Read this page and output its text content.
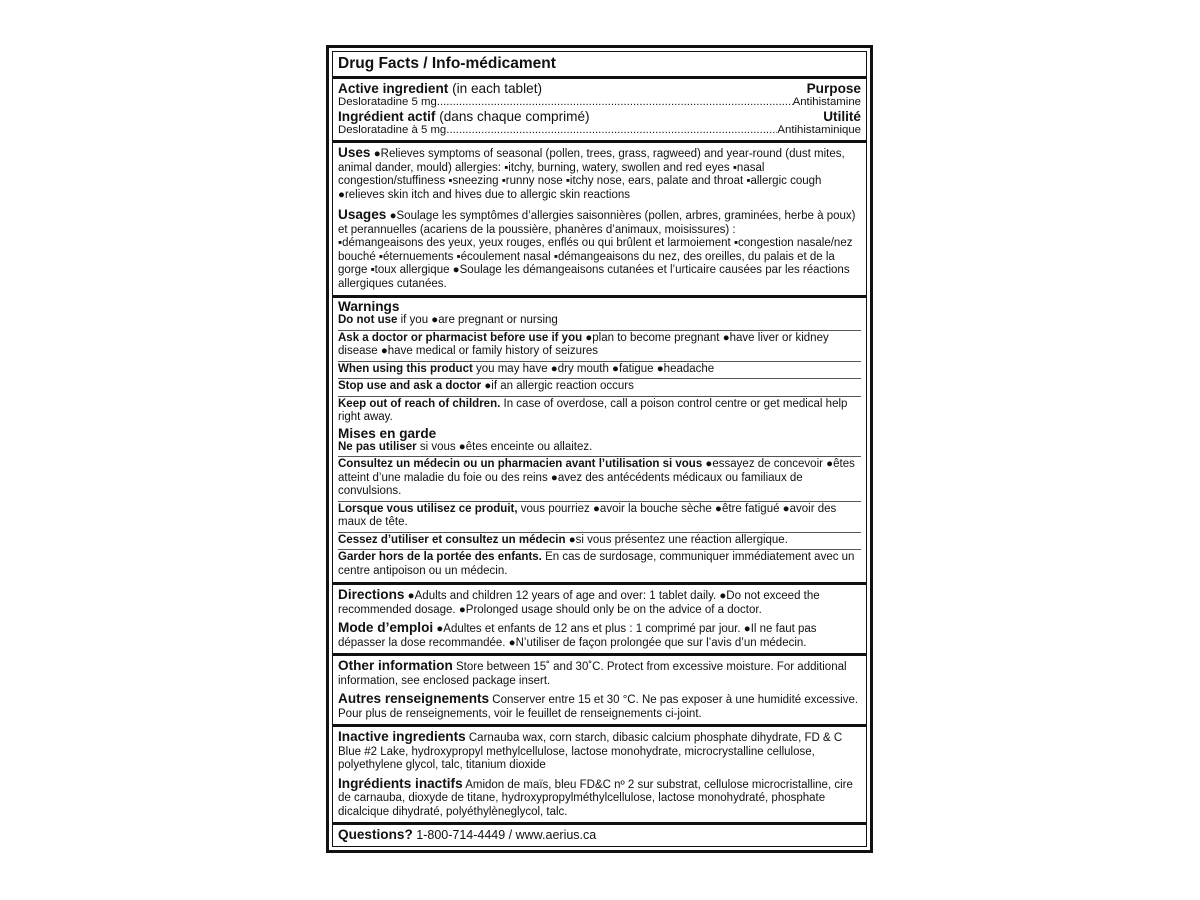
Drug Facts / Info-médicament
Active ingredient (in each tablet)	Purpose
Desloratadine 5 mg .....	Antihistamine
Ingrédient actif (dans chaque comprimé)	Utilité
Desloratadine à 5 mg .....	Antihistaminique

Uses ●Relieves symptoms of seasonal (pollen, trees, grass, ragweed) and year-round (dust mites, animal dander, mould) allergies: ▪itchy, burning, watery, swollen and red eyes ▪nasal congestion/stuffiness ▪sneezing ▪runny nose ▪itchy nose, ears, palate and throat ▪allergic cough ●relieves skin itch and hives due to allergic skin reactions

Usages ●Soulage les symptômes d’allergies saisonnières (pollen, arbres, graminées, herbe à poux) et perannuelles (acariens de la poussière, phanères d’animaux, moisissures) :

▪démangeaisons des yeux, yeux rouges, enflés ou qui brûlent et larmoiement ▪congestion nasale/nez bouché ▪éternuements ▪écoulement nasal ▪démangeaisons du nez, des oreilles, du palais et de la gorge ▪toux allergique ●Soulage les démangeaisons cutanées et l’urticaire causées par les réactions allergiques cutanées.

Warnings

Do not use if you ●are pregnant or nursing

Ask a doctor or pharmacist before use if you ●plan to become pregnant ●have liver or kidney disease ●have medical or family history of seizures

When using this product you may have ●dry mouth ●fatigue ●headache

Stop use and ask a doctor ●if an allergic reaction occurs

Keep out of reach of children. In case of overdose, call a poison control centre or get medical help right away.

Mises en garde

Ne pas utiliser si vous ●êtes enceinte ou allaitez.

Consultez un médecin ou un pharmacien avant l’utilisation si vous ●essayez de concevoir ●êtes atteint d’une maladie du foie ou des reins ●avez des antécédents médicaux ou familiaux de convulsions.

Lorsque vous utilisez ce produit, vous pourriez ●avoir la bouche sèche ●être fatigué ●avoir des maux de tête.

Cessez d’utiliser et consultez un médecin ●si vous présentez une réaction allergique.

Garder hors de la portée des enfants. En cas de surdosage, communiquer immédiatement avec un centre antipoison ou un médecin.

Directions ●Adults and children 12 years of age and over: 1 tablet daily. ●Do not exceed the recommended dosage. ●Prolonged usage should only be on the advice of a doctor.

Mode d’emploi ●Adultes et enfants de 12 ans et plus : 1 comprimé par jour. ●Il ne faut pas dépasser la dose recommandée. ●N’utiliser de façon prolongée que sur l’avis d’un médecin.

Other information Store between 15˚ and 30˚C. Protect from excessive moisture. For additional information, see enclosed package insert.

Autres renseignements Conserver entre 15 et 30 °C. Ne pas exposer à une humidité excessive. Pour plus de renseignements, voir le feuillet de renseignements ci-joint.

Inactive ingredients Carnauba wax, corn starch, dibasic calcium phosphate dihydrate, FD & C Blue #2 Lake, hydroxypropyl methylcellulose, lactose monohydrate, microcrystalline cellulose, polyethylene glycol, talc, titanium dioxide

Ingrédients inactifs Amidon de maïs, bleu FD&C nº 2 sur substrat, cellulose microcristalline, cire de carnauba, dioxyde de titane, hydroxypropylméthylcellulose, lactose monohydraté, phosphate dicalcique dihydraté, polyéthylèneglycol, talc.

Questions? 1-800-714-4449 / www.aerius.ca
